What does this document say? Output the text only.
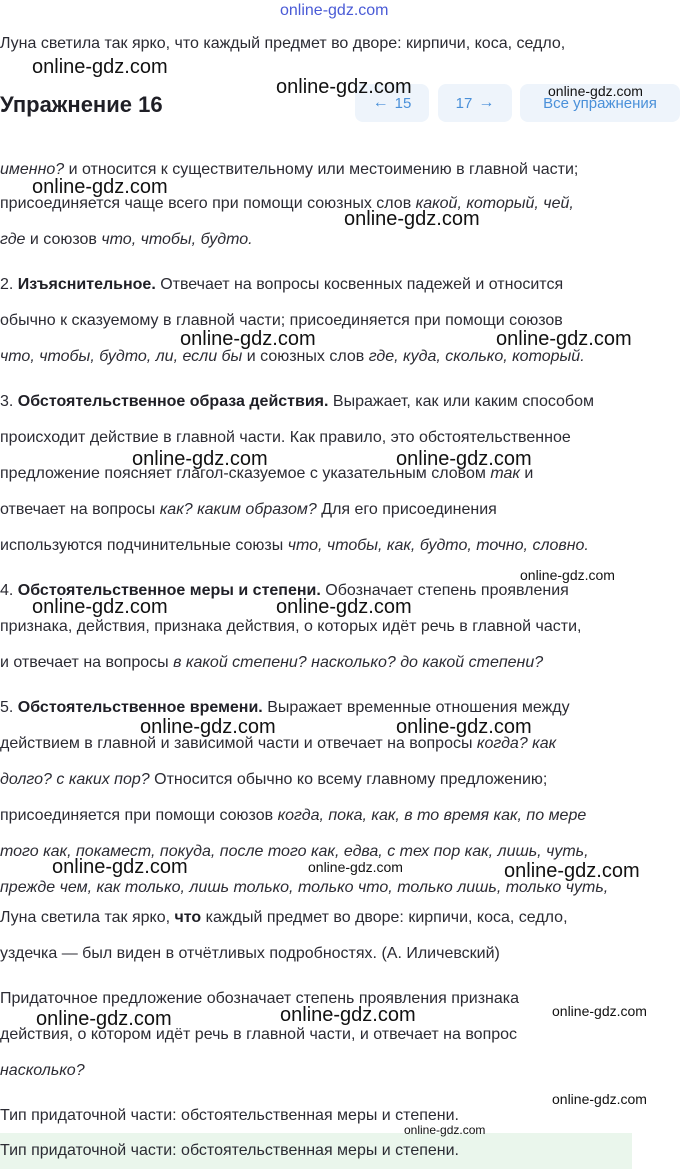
online-gdz.com
Луна светила так ярко, что каждый предмет во дворе: кирпичи, коса, седло,
Упражнение 16	← 15	17 →	Все упражнения
именно? и относится к существительному или местоимению в главной части;
присоединяется чаще всего при помощи союзных слов какой, который, чей,
где и союзов что, чтобы, будто.
2. Изъяснительное. Отвечает на вопросы косвенных падежей и относится
обычно к сказуемому в главной части; присоединяется при помощи союзов
что, чтобы, будто, ли, если бы и союзных слов где, куда, сколько, который.
3. Обстоятельственное образа действия. Выражает, как или каким способом
происходит действие в главной части. Как правило, это обстоятельственное
предложение поясняет глагол-сказуемое с указательным словом так и
отвечает на вопросы как? каким образом? Для его присоединения
используются подчинительные союзы что, чтобы, как, будто, точно, словно.
4. Обстоятельственное меры и степени. Обозначает степень проявления
признака, действия, признака действия, о которых идёт речь в главной части,
и отвечает на вопросы в какой степени? насколько? до какой степени?
5. Обстоятельственное времени. Выражает временные отношения между
действием в главной и зависимой части и отвечает на вопросы когда? как
долго? с каких пор? Относится обычно ко всему главному предложению;
присоединяется при помощи союзов когда, пока, как, в то время как, по мере
того как, покамест, покуда, после того как, едва, с тех пор как, лишь, чуть,
прежде чем, как только, лишь только, только что, только лишь, только чуть,
Луна светила так ярко, что каждый предмет во дворе: кирпичи, коса, седло,
уздечка — был виден в отчётливых подробностях. (А. Иличевский)
Придаточное предложение обозначает степень проявления признака
действия, о котором идёт речь в главной части, и отвечает на вопрос
насколько?
Тип придаточной части: обстоятельственная меры и степени.
Тип придаточной части: обстоятельственная меры и степени.
online-gdz.com
online-gdz.com	online-gdz.com
online-gdz.com
online-gdz.com
online-gdz.com	online-gdz.com
online-gdz.com	online-gdz.com
online-gdz.com
online-gdz.com	online-gdz.com
online-gdz.com	online-gdz.com
online-gdz.com	online-gdz.com	online-gdz.com
online-gdz.com	online-gdz.com	online-gdz.com
online-gdz.com
online-gdz.com
